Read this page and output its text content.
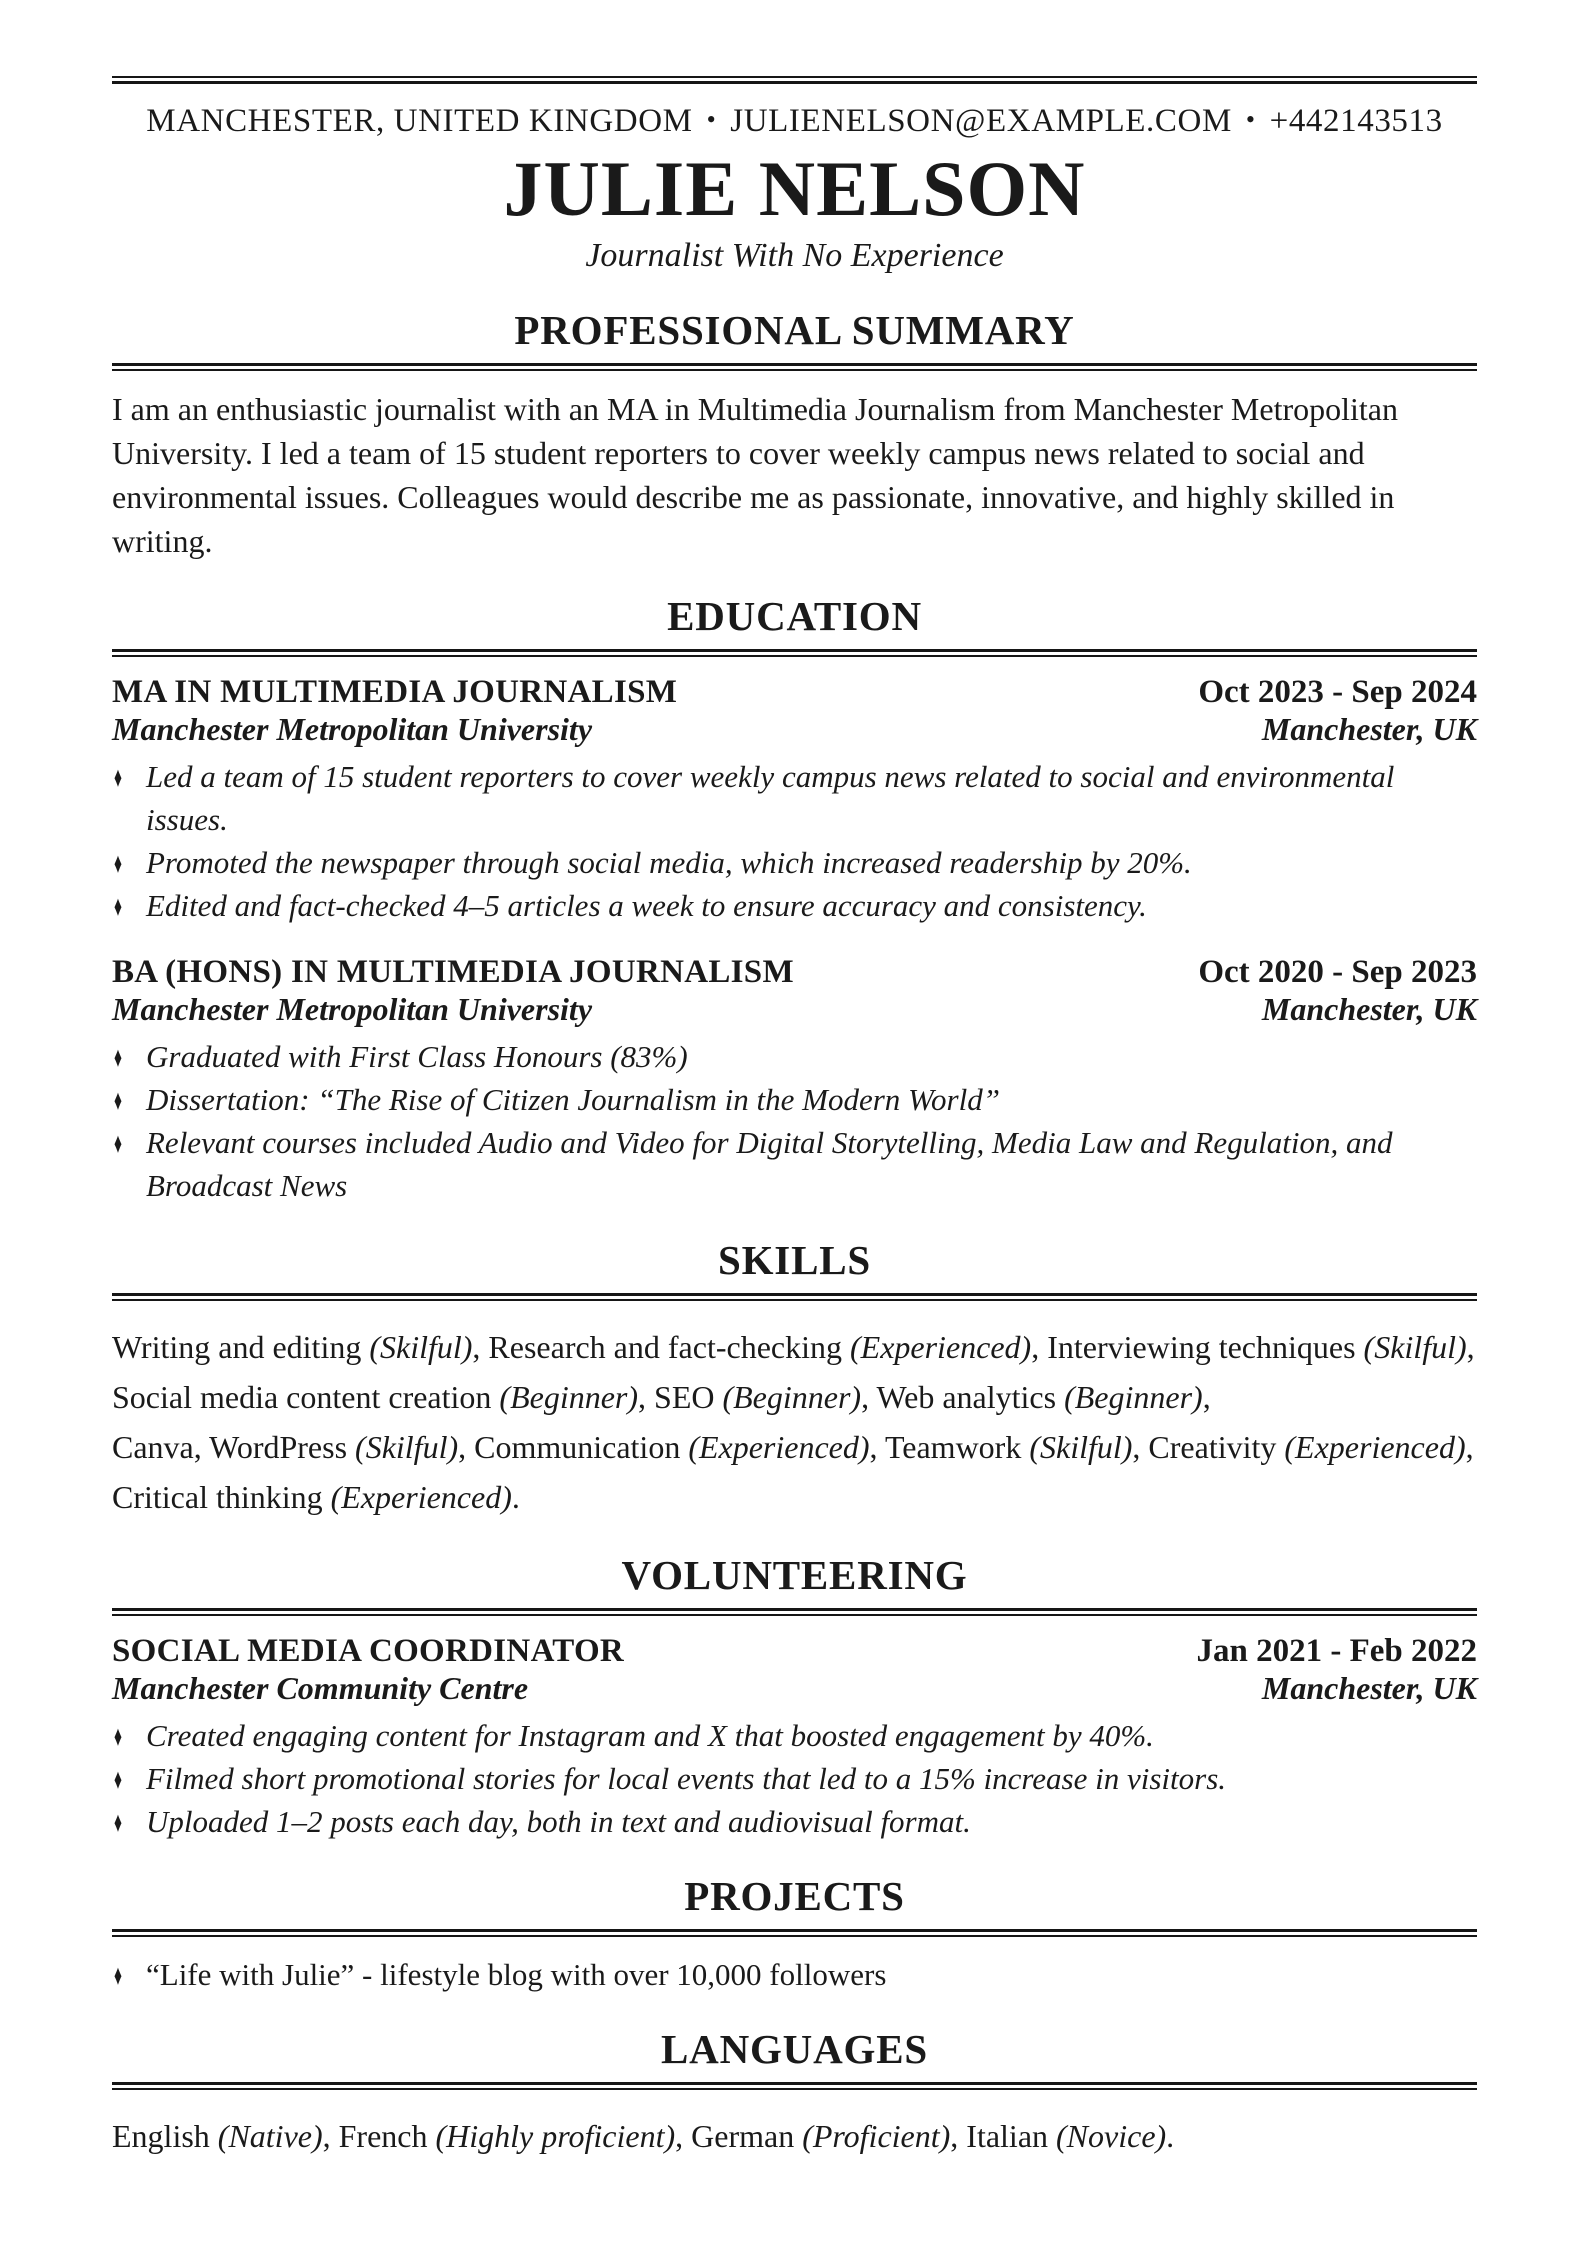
MANCHESTER, UNITED KINGDOM • JULIENELSON@EXAMPLE.COM • +442143513
JULIE NELSON
Journalist With No Experience
PROFESSIONAL SUMMARY

I am an enthusiastic journalist with an MA in Multimedia Journalism from Manchester Metropolitan University. I led a team of 15 student reporters to cover weekly campus news related to social and environmental issues. Colleagues would describe me as passionate, innovative, and highly skilled in writing.

EDUCATION
MA IN MULTIMEDIA JOURNALISM
Manchester Metropolitan University
Oct 2023 - Sep 2024
Manchester, UK
♦ Led a team of 15 student reporters to cover weekly campus news related to social and environmental issues.
♦ Promoted the newspaper through social media, which increased readership by 20%.
♦ Edited and fact-checked 4–5 articles a week to ensure accuracy and consistency.
BA (HONS) IN MULTIMEDIA JOURNALISM
Manchester Metropolitan University
Oct 2020 - Sep 2023
Manchester, UK
♦ Graduated with First Class Honours (83%)
♦ Dissertation: “The Rise of Citizen Journalism in the Modern World”
♦ Relevant courses included Audio and Video for Digital Storytelling, Media Law and Regulation, and Broadcast News
SKILLS
Writing and editing (Skilful), Research and fact-checking (Experienced), Interviewing techniques (Skilful),
Social media content creation (Beginner), SEO (Beginner), Web analytics (Beginner),
Canva, WordPress (Skilful), Communication (Experienced), Teamwork (Skilful), Creativity (Experienced),
Critical thinking (Experienced).
VOLUNTEERING
SOCIAL MEDIA COORDINATOR
Manchester Community Centre
Jan 2021 - Feb 2022
Manchester, UK
♦ Created engaging content for Instagram and X that boosted engagement by 40%.
♦ Filmed short promotional stories for local events that led to a 15% increase in visitors.
♦ Uploaded 1–2 posts each day, both in text and audiovisual format.
PROJECTS
♦ “Life with Julie” - lifestyle blog with over 10,000 followers
LANGUAGES
English (Native), French (Highly proficient), German (Proficient), Italian (Novice).
